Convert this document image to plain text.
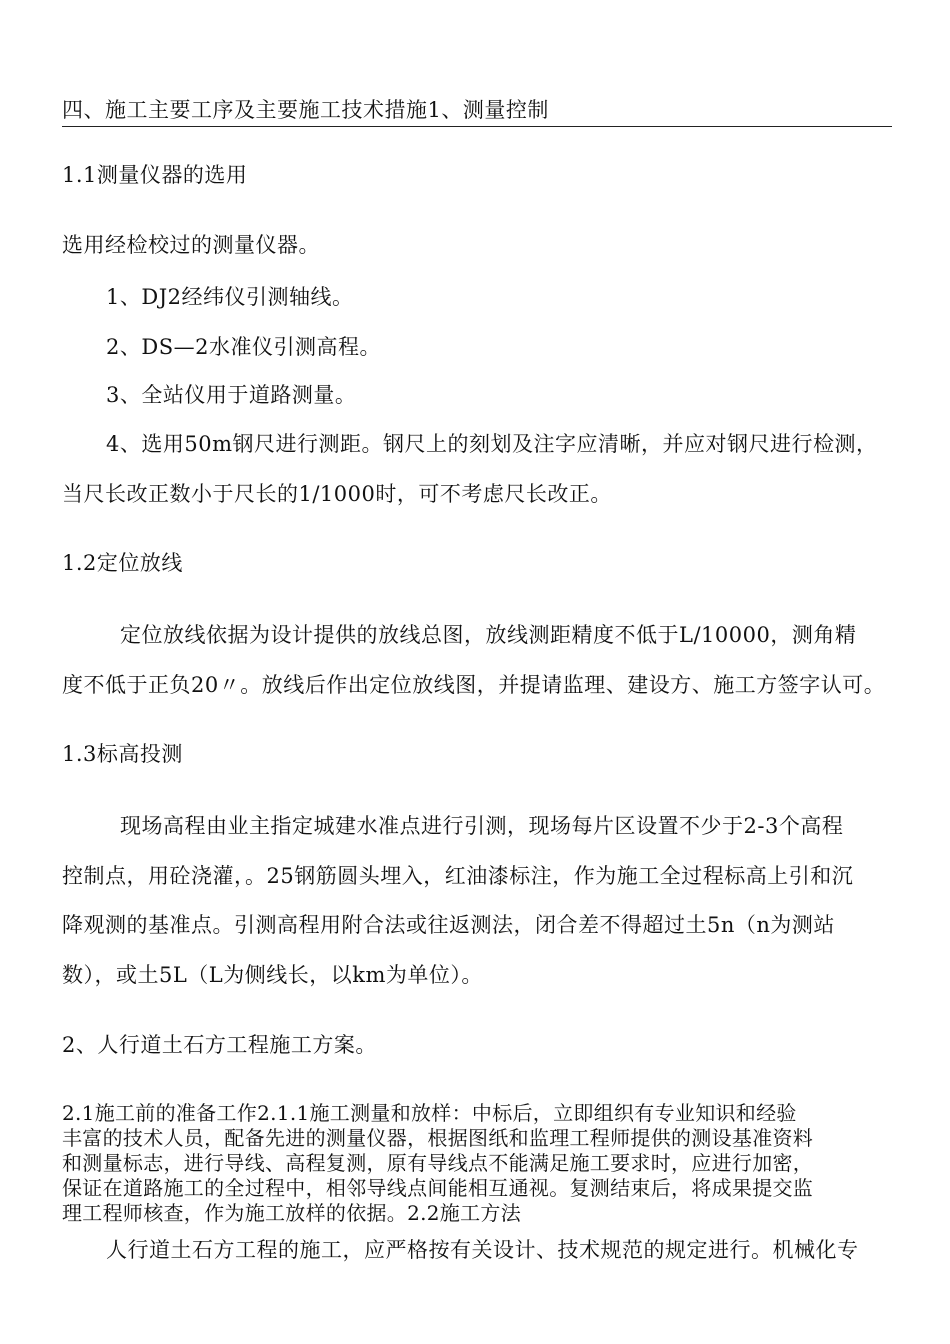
四、施工主要工序及主要施工技术措施1、测量控制
1.1测量仪器的选用
选用经检校过的测量仪器。
1、DJ2经纬仪引测轴线。
2、DS—2水准仪引测高程。
3、全站仪用于道路测量。
4、选用50m钢尺进行测距。钢尺上的刻划及注字应清晰，并应对钢尺进行检测，
当尺长改正数小于尺长的1/1000时，可不考虑尺长改正。
1.2定位放线
定位放线依据为设计提供的放线总图，放线测距精度不低于L/10000，测角精
度不低于正负20〃。放线后作出定位放线图，并提请监理、建设方、施工方签字认可。
1.3标高投测
现场高程由业主指定城建水准点进行引测，现场每片区设置不少于2-3个高程
控制点，用砼浇灌，。25钢筋圆头埋入，红油漆标注，作为施工全过程标高上引和沉
降观测的基准点。引测高程用附合法或往返测法，闭合差不得超过土5n（n为测站
数），或土5L（L为侧线长，以km为单位）。
2、人行道土石方工程施工方案。
2.1施工前的准备工作2.1.1施工测量和放样：中标后，立即组织有专业知识和经验
丰富的技术人员，配备先进的测量仪器，根据图纸和监理工程师提供的测设基准资料
和测量标志，进行导线、高程复测，原有导线点不能满足施工要求时，应进行加密，
保证在道路施工的全过程中，相邻导线点间能相互通视。复测结束后，将成果提交监
理工程师核查，作为施工放样的依据。2.2施工方法
人行道土石方工程的施工，应严格按有关设计、技术规范的规定进行。机械化专
